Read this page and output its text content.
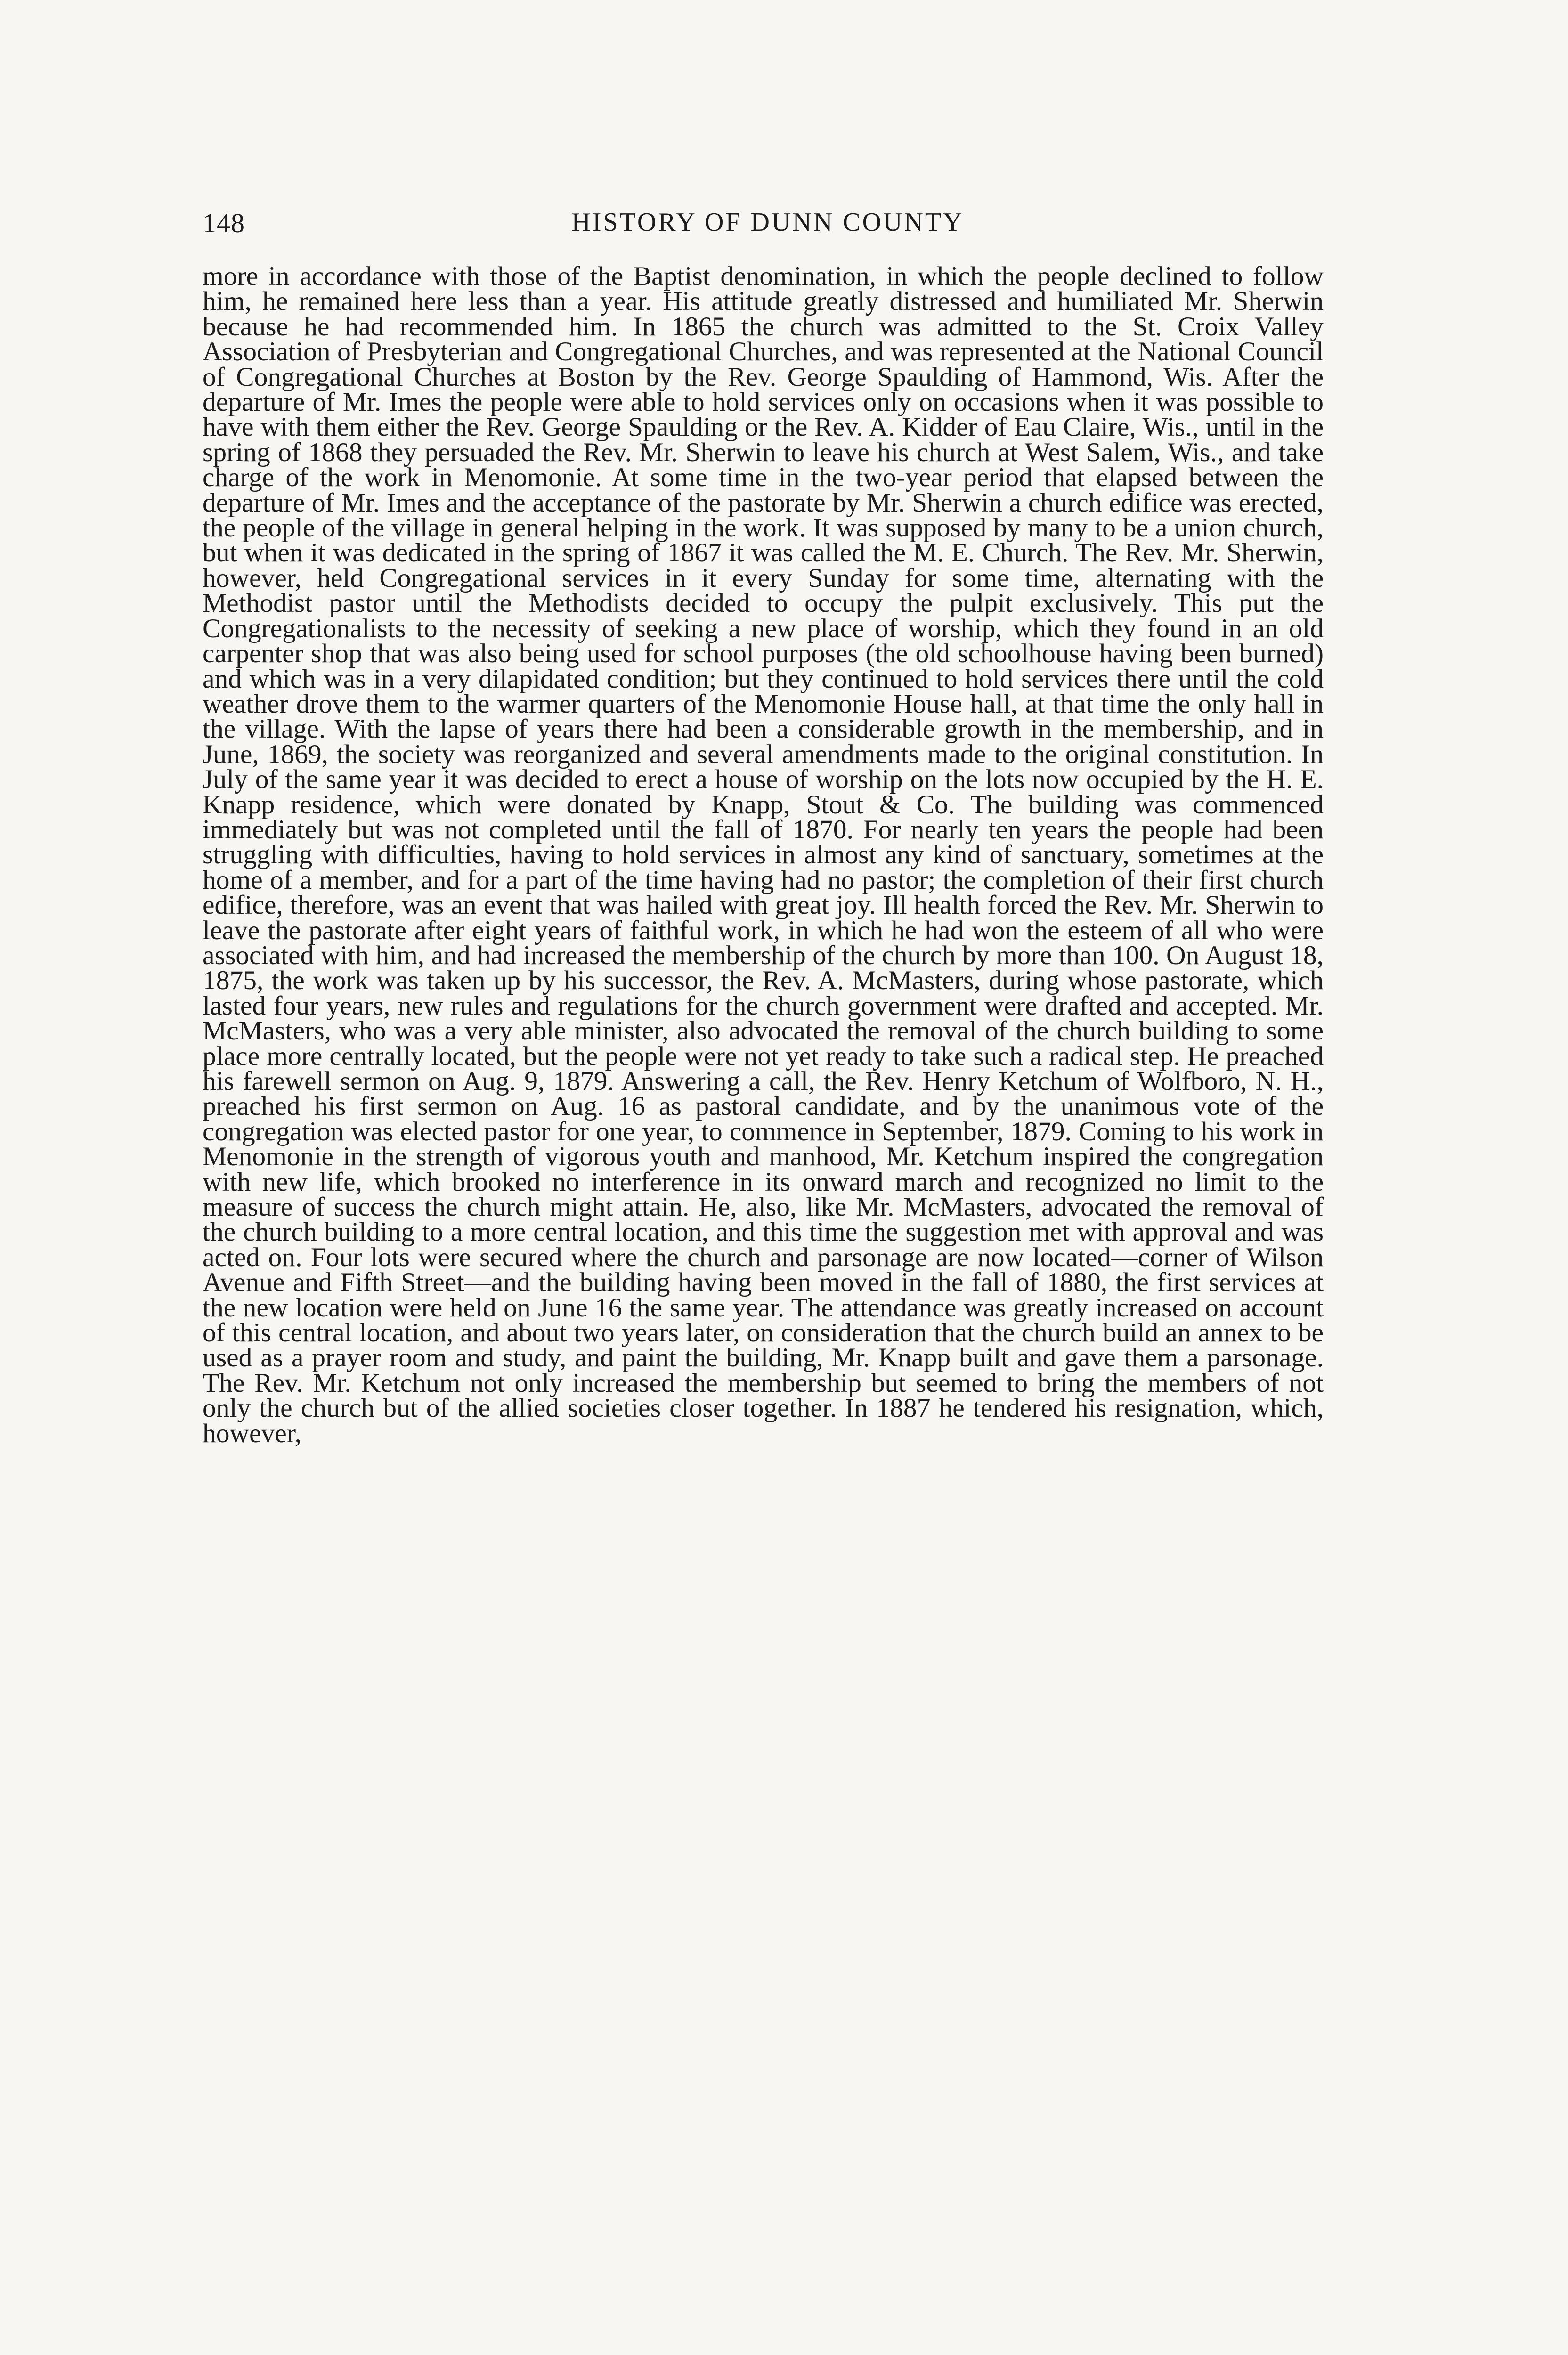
148	HISTORY OF DUNN COUNTY

more in accordance with those of the Baptist denomination, in which the people declined to follow him, he remained here less than a year. His attitude greatly distressed and humiliated Mr. Sherwin because he had recommended him. In 1865 the church was admitted to the St. Croix Valley Association of Presbyterian and Congregational Churches, and was represented at the National Council of Congregational Churches at Boston by the Rev. George Spaulding of Hammond, Wis. After the departure of Mr. Imes the people were able to hold services only on occasions when it was possible to have with them either the Rev. George Spaulding or the Rev. A. Kidder of Eau Claire, Wis., until in the spring of 1868 they persuaded the Rev. Mr. Sherwin to leave his church at West Salem, Wis., and take charge of the work in Menomonie. At some time in the two-year period that elapsed between the departure of Mr. Imes and the acceptance of the pastorate by Mr. Sherwin a church edifice was erected, the people of the village in general helping in the work. It was supposed by many to be a union church, but when it was dedicated in the spring of 1867 it was called the M. E. Church. The Rev. Mr. Sherwin, however, held Congregational services in it every Sunday for some time, alternating with the Methodist pastor until the Methodists decided to occupy the pulpit exclusively. This put the Congregationalists to the necessity of seeking a new place of worship, which they found in an old carpenter shop that was also being used for school purposes (the old schoolhouse having been burned) and which was in a very dilapidated condition; but they continued to hold services there until the cold weather drove them to the warmer quarters of the Menomonie House hall, at that time the only hall in the village. With the lapse of years there had been a considerable growth in the membership, and in June, 1869, the society was reorganized and several amendments made to the original constitution. In July of the same year it was decided to erect a house of worship on the lots now occupied by the H. E. Knapp residence, which were donated by Knapp, Stout & Co. The building was commenced immediately but was not completed until the fall of 1870. For nearly ten years the people had been struggling with difficulties, having to hold services in almost any kind of sanctuary, sometimes at the home of a member, and for a part of the time having had no pastor; the completion of their first church edifice, therefore, was an event that was hailed with great joy. Ill health forced the Rev. Mr. Sherwin to leave the pastorate after eight years of faithful work, in which he had won the esteem of all who were associated with him, and had increased the membership of the church by more than 100. On August 18, 1875, the work was taken up by his successor, the Rev. A. McMasters, during whose pastorate, which lasted four years, new rules and regulations for the church government were drafted and accepted. Mr. McMasters, who was a very able minister, also advocated the removal of the church building to some place more centrally located, but the people were not yet ready to take such a radical step. He preached his farewell sermon on Aug. 9, 1879. Answering a call, the Rev. Henry Ketchum of Wolfboro, N. H., preached his first sermon on Aug. 16 as pastoral candidate, and by the unanimous vote of the congregation was elected pastor for one year, to commence in September, 1879. Coming to his work in Menomonie in the strength of vigorous youth and manhood, Mr. Ketchum inspired the congregation with new life, which brooked no interference in its onward march and recognized no limit to the measure of success the church might attain. He, also, like Mr. McMasters, advocated the removal of the church building to a more central location, and this time the suggestion met with approval and was acted on. Four lots were secured where the church and parsonage are now located—corner of Wilson Avenue and Fifth Street—and the building having been moved in the fall of 1880, the first services at the new location were held on June 16 the same year. The attendance was greatly increased on account of this central location, and about two years later, on consideration that the church build an annex to be used as a prayer room and study, and paint the building, Mr. Knapp built and gave them a parsonage. The Rev. Mr. Ketchum not only increased the membership but seemed to bring the members of not only the church but of the allied societies closer together. In 1887 he tendered his resignation, which, however,
